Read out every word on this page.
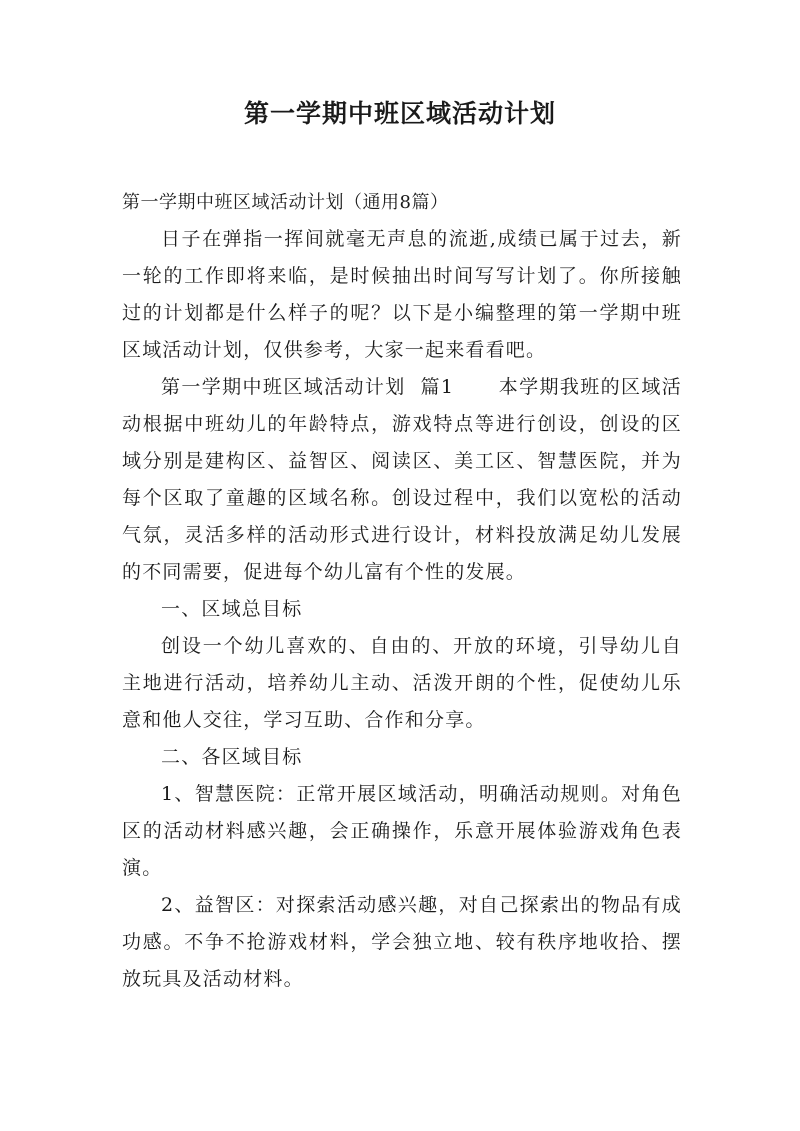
第一学期中班区域活动计划

第一学期中班区域活动计划（通用8篇）

日子在弹指一挥间就毫无声息的流逝,成绩已属于过去，新一轮的工作即将来临，是时候抽出时间写写计划了。你所接触过的计划都是什么样子的呢？以下是小编整理的第一学期中班区域活动计划，仅供参考，大家一起来看看吧。

第一学期中班区域活动计划  篇1      本学期我班的区域活动根据中班幼儿的年龄特点，游戏特点等进行创设，创设的区域分别是建构区、益智区、阅读区、美工区、智慧医院，并为每个区取了童趣的区域名称。创设过程中，我们以宽松的活动气氛，灵活多样的活动形式进行设计，材料投放满足幼儿发展的不同需要，促进每个幼儿富有个性的发展。

一、区域总目标

创设一个幼儿喜欢的、自由的、开放的环境，引导幼儿自主地进行活动，培养幼儿主动、活泼开朗的个性，促使幼儿乐意和他人交往，学习互助、合作和分享。

二、各区域目标

1、智慧医院：正常开展区域活动，明确活动规则。对角色区的活动材料感兴趣，会正确操作，乐意开展体验游戏角色表演。

2、益智区：对探索活动感兴趣，对自己探索出的物品有成功感。不争不抢游戏材料，学会独立地、较有秩序地收拾、摆放玩具及活动材料。
